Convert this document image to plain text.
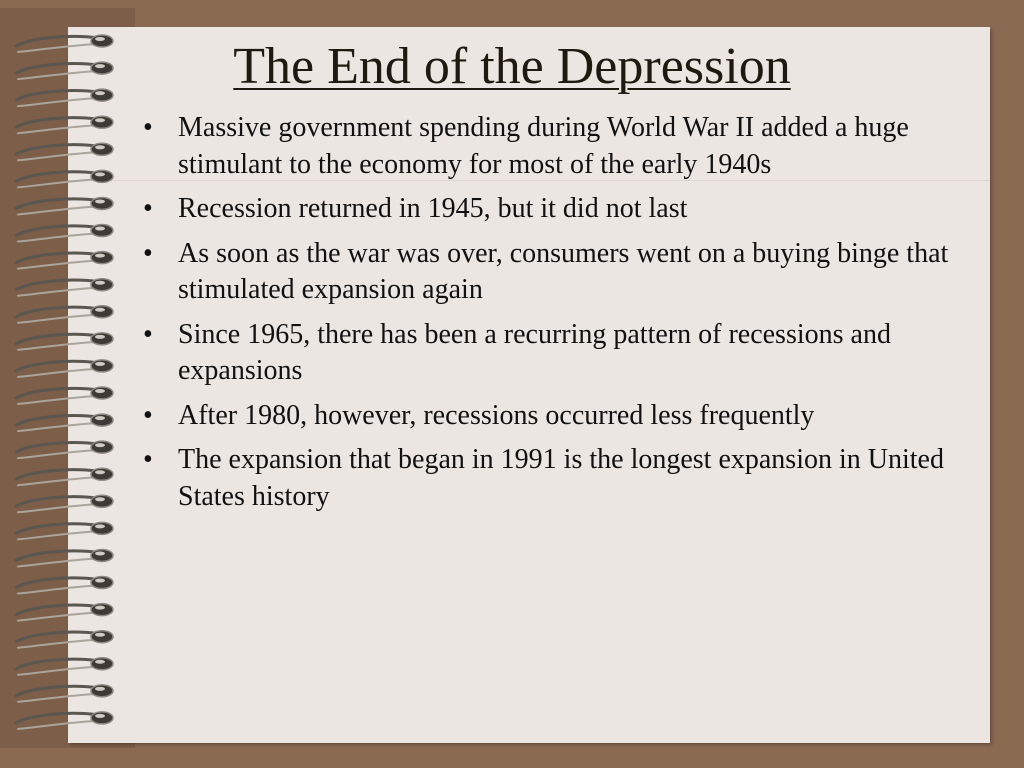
The End of the Depression
• Massive government spending during World War II added a huge stimulant to the economy for most of the early 1940s
• Recession returned in 1945, but it did not last
• As soon as the war was over, consumers went on a buying binge that stimulated expansion again
• Since 1965, there has been a recurring pattern of recessions and expansions
• After 1980, however, recessions occurred less frequently
• The expansion that began in 1991 is the longest expansion in United States history
